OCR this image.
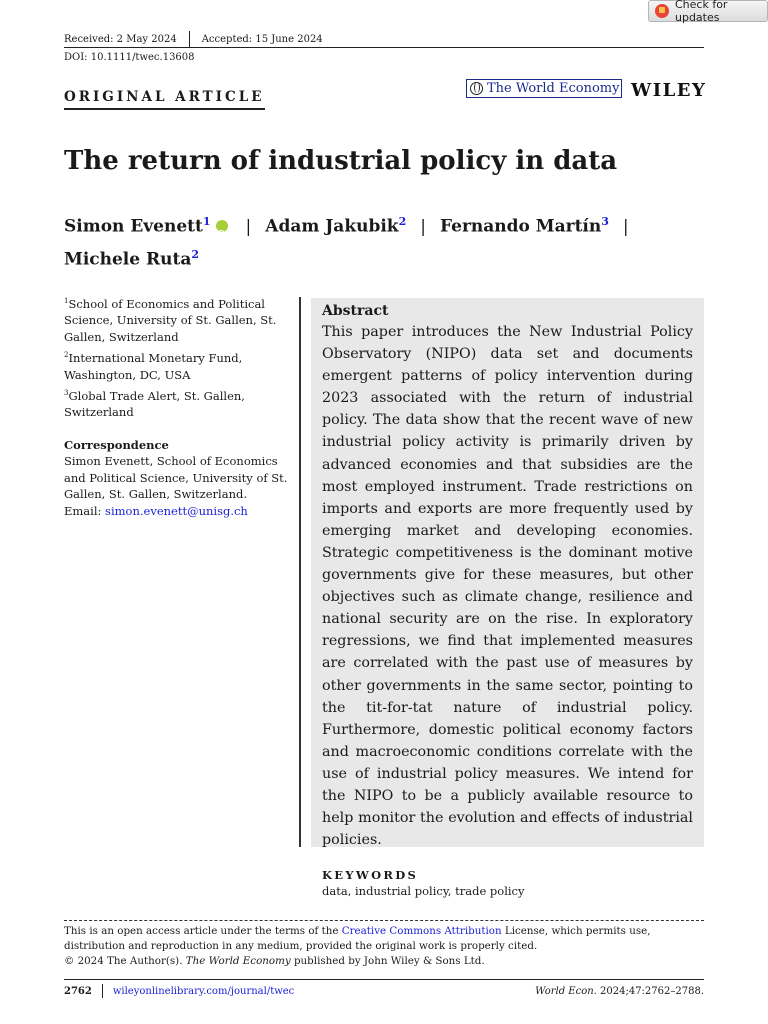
Check for updates
Received: 2 May 2024	Accepted: 15 June 2024
DOI: 10.1111/twec.13608
ORIGINAL ARTICLE
The World Economy WILEY
The return of industrial policy in data
Simon Evenett$^1$iD | Adam Jakubik$^2$ | Fernando Martín$^3$ |
Michele Ruta$^2$
$^1$School of Economics and Political Science, University of St. Gallen, St. Gallen, Switzerland
$^2$International Monetary Fund, Washington, DC, USA
$^3$Global Trade Alert, St. Gallen, Switzerland
Correspondence
Simon Evenett, School of Economics and Political Science, University of St. Gallen, St. Gallen, Switzerland.
Email: simon.evenett@unisg.ch
Abstract

This paper introduces the New Industrial Policy Observatory (NIPO) data set and documents emergent patterns of policy intervention during 2023 associated with the return of industrial policy. The data show that the recent wave of new industrial policy activity is primarily driven by advanced economies and that subsidies are the most employed instrument. Trade restrictions on imports and exports are more frequently used by emerging market and developing economies. Strategic competitiveness is the dominant motive governments give for these measures, but other objectives such as climate change, resilience and national security are on the rise. In exploratory regressions, we find that implemented measures are correlated with the past use of measures by other governments in the same sector, pointing to the tit-for-tat nature of industrial policy. Furthermore, domestic political economy factors and macroeconomic conditions correlate with the use of industrial policy measures. We intend for the NIPO to be a publicly available resource to help monitor the evolution and effects of industrial policies.

KEYWORDS
data, industrial policy, trade policy
This is an open access article under the terms of the Creative Commons Attribution License, which permits use, distribution and reproduction in any medium, provided the original work is properly cited.
© 2024 The Author(s). The World Economy published by John Wiley & Sons Ltd.
2762 wileyonlinelibrary.com/journal/twec	World Econ. 2024;47:2762–2788.
